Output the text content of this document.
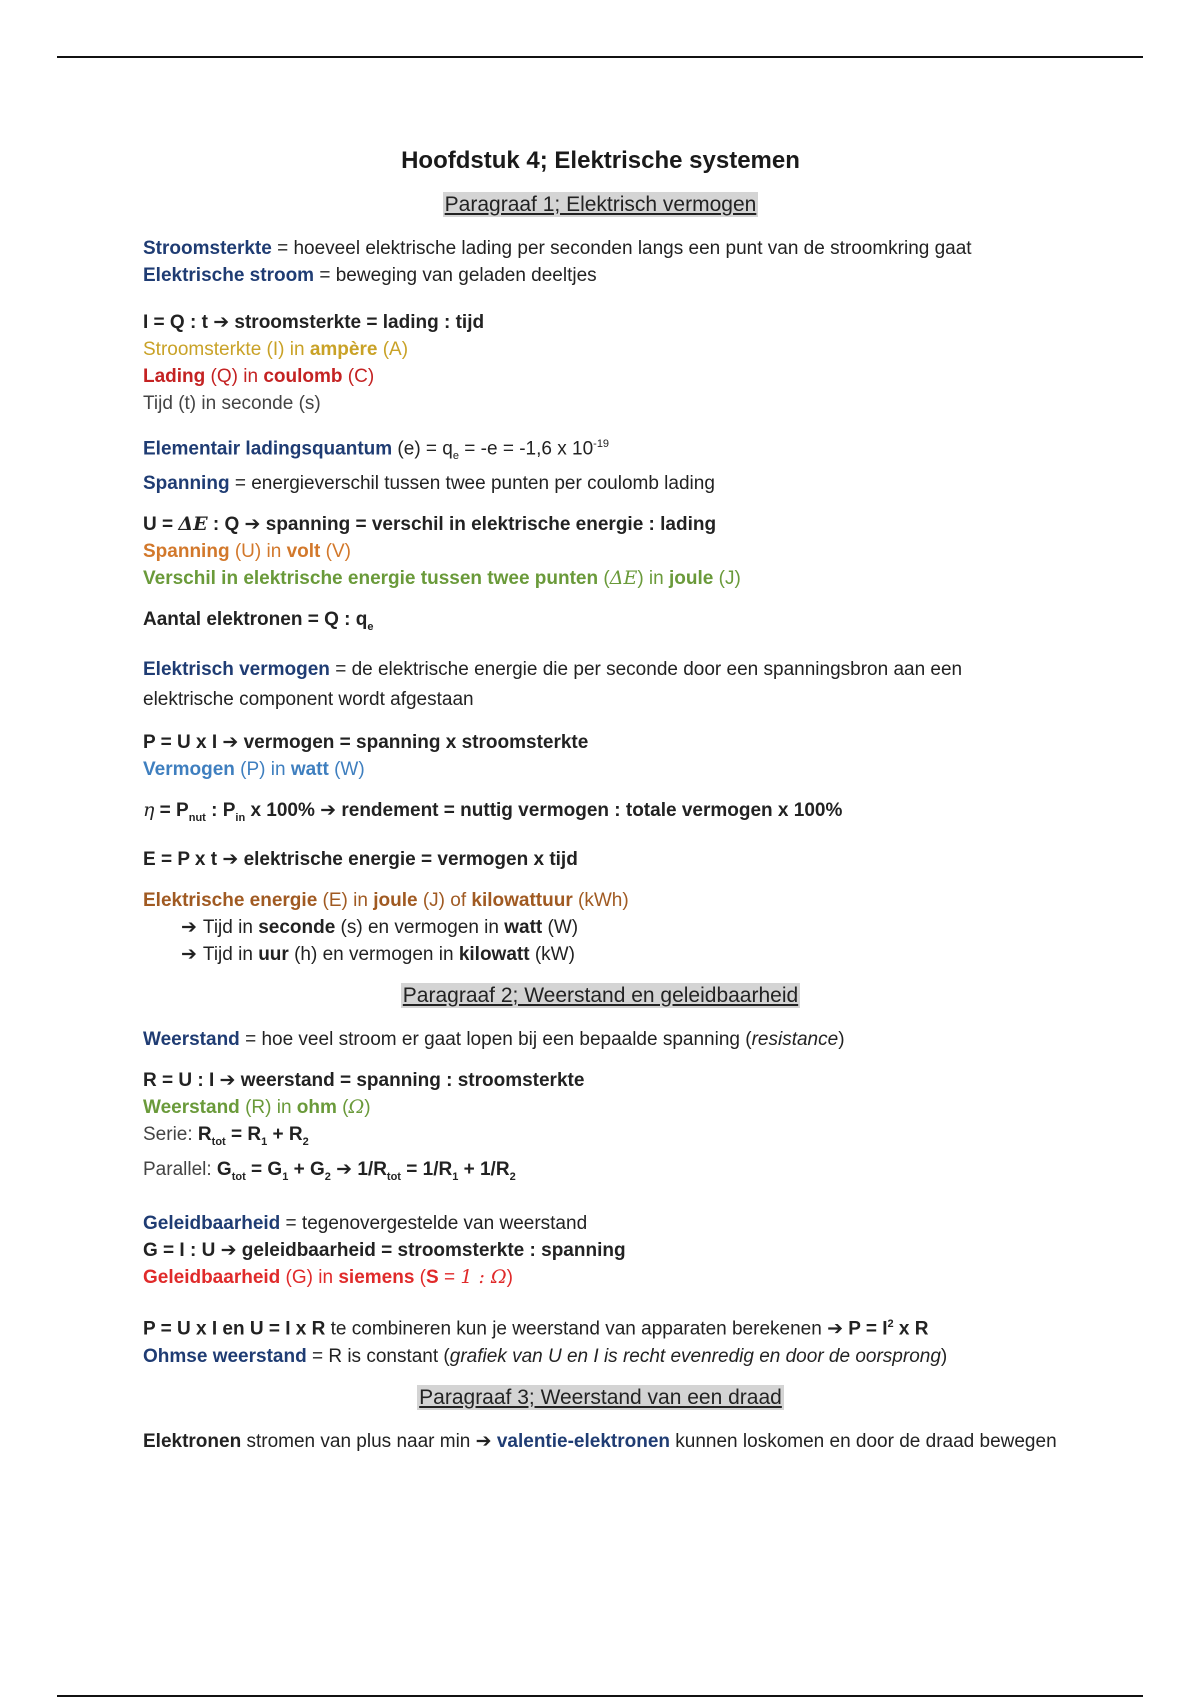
Hoofdstuk 4; Elektrische systemen
Paragraaf 1; Elektrisch vermogen

Stroomsterkte = hoeveel elektrische lading per seconden langs een punt van de stroomkring gaat

Elektrische stroom = beweging van geladen deeltjes

I = Q : t ➔ stroomsterkte = lading : tijd

Stroomsterkte (I) in ampère (A)

Lading (Q) in coulomb (C)

Tijd (t) in seconde (s)

Elementair ladingsquantum $(e) = q_e = -e = -1,6$ x $10^{-19}$

Spanning = energieverschil tussen twee punten per coulomb lading

U = ΔE : Q ➔ spanning = verschil in elektrische energie : lading

Spanning (U) in volt (V)

Verschil in elektrische energie tussen twee punten (ΔE) in joule (J)

Aantal elektronen = Q : $q_e$

Elektrisch vermogen = de elektrische energie die per seconde door een spanningsbron aan een elektrische component wordt afgestaan

P = U x I ➔ vermogen = spanning x stroomsterkte

Vermogen (P) in watt (W)

$\eta = P_{nut}$ : $P_{in}$ x 100% ➔ rendement = nuttig vermogen : totale vermogen x 100%

E = P x t ➔ elektrische energie = vermogen x tijd

Elektrische energie (E) in joule (J) of kilowattuur (kWh)

➔ Tijd in seconde (s) en vermogen in watt (W)

➔ Tijd in uur (h) en vermogen in kilowatt (kW)

Paragraaf 2; Weerstand en geleidbaarheid

Weerstand = hoe veel stroom er gaat lopen bij een bepaalde spanning (resistance)

R = U : I ➔ weerstand = spanning : stroomsterkte

Weerstand (R) in ohm (Ω)

Serie: $R_{tot} = R_1 + R_2$

Parallel: $G_{tot} = G_1 + G_2$ ➔ $1/R_{tot} = 1/R_1 + 1/R_2$

Geleidbaarheid = tegenovergestelde van weerstand

G = I : U ➔ geleidbaarheid = stroomsterkte : spanning

Geleidbaarheid (G) in siemens (S = 1 : Ω)

P = U x I en U = I x R te combineren kun je weerstand van apparaten berekenen ➔ $P = I^2$ x R

Ohmse weerstand = R is constant (grafiek van U en I is recht evenredig en door de oorsprong)

Paragraaf 3; Weerstand van een draad

Elektronen stromen van plus naar min ➔ valentie-elektronen kunnen loskomen en door de draad bewegen
